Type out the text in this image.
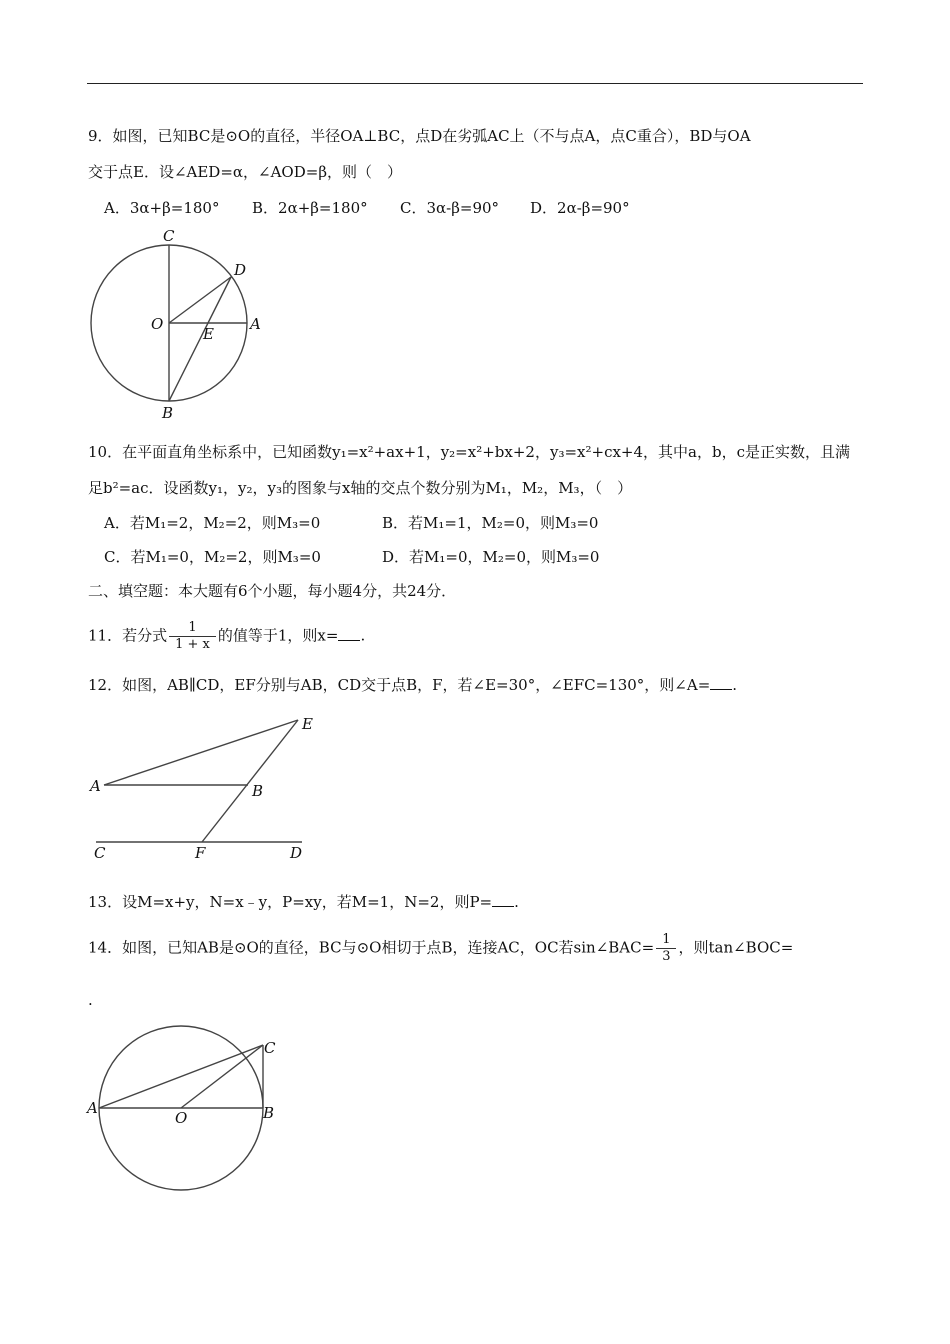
9．如图，已知BC是⊙O的直径，半径OA⊥BC，点D在劣弧AC上（不与点A，点C重合），BD与OA
交于点E．设∠AED=α，∠AOD=β，则（　）
A．3α+β=180° B．2α+β=180° C．3α-β=90° D．2α-β=90°
C
D
O
E
A
B
10．在平面直角坐标系中，已知函数y₁=x²+ax+1，y₂=x²+bx+2，y₃=x²+cx+4，其中a，b，c是正实数，且满
足b²=ac．设函数y₁，y₂，y₃的图象与x轴的交点个数分别为M₁，M₂，M₃，（　）
A．若M₁=2，M₂=2，则M₃=0	B．若M₁=1，M₂=0，则M₃=0
C．若M₁=0，M₂=2，则M₃=0	D．若M₁=0，M₂=0，则M₃=0
二、填空题：本大题有6个小题，每小题4分，共24分．
11．若分式 $\frac{1}{1 + x}$ 的值等于1，则x= .
12．如图，AB∥CD，EF分别与AB，CD交于点B，F，若∠E=30°，∠EFC=130°，则∠A= .
E
A	B
C	F	D
13．设M=x+y，N=x﹣y，P=xy，若M=1，N=2，则P= .
14．如图，已知AB是⊙O的直径，BC与⊙O相切于点B，连接AC，OC若sin∠BAC= $\frac{1}{3}$ ，则tan∠BOC=
.
C
A
O	B
